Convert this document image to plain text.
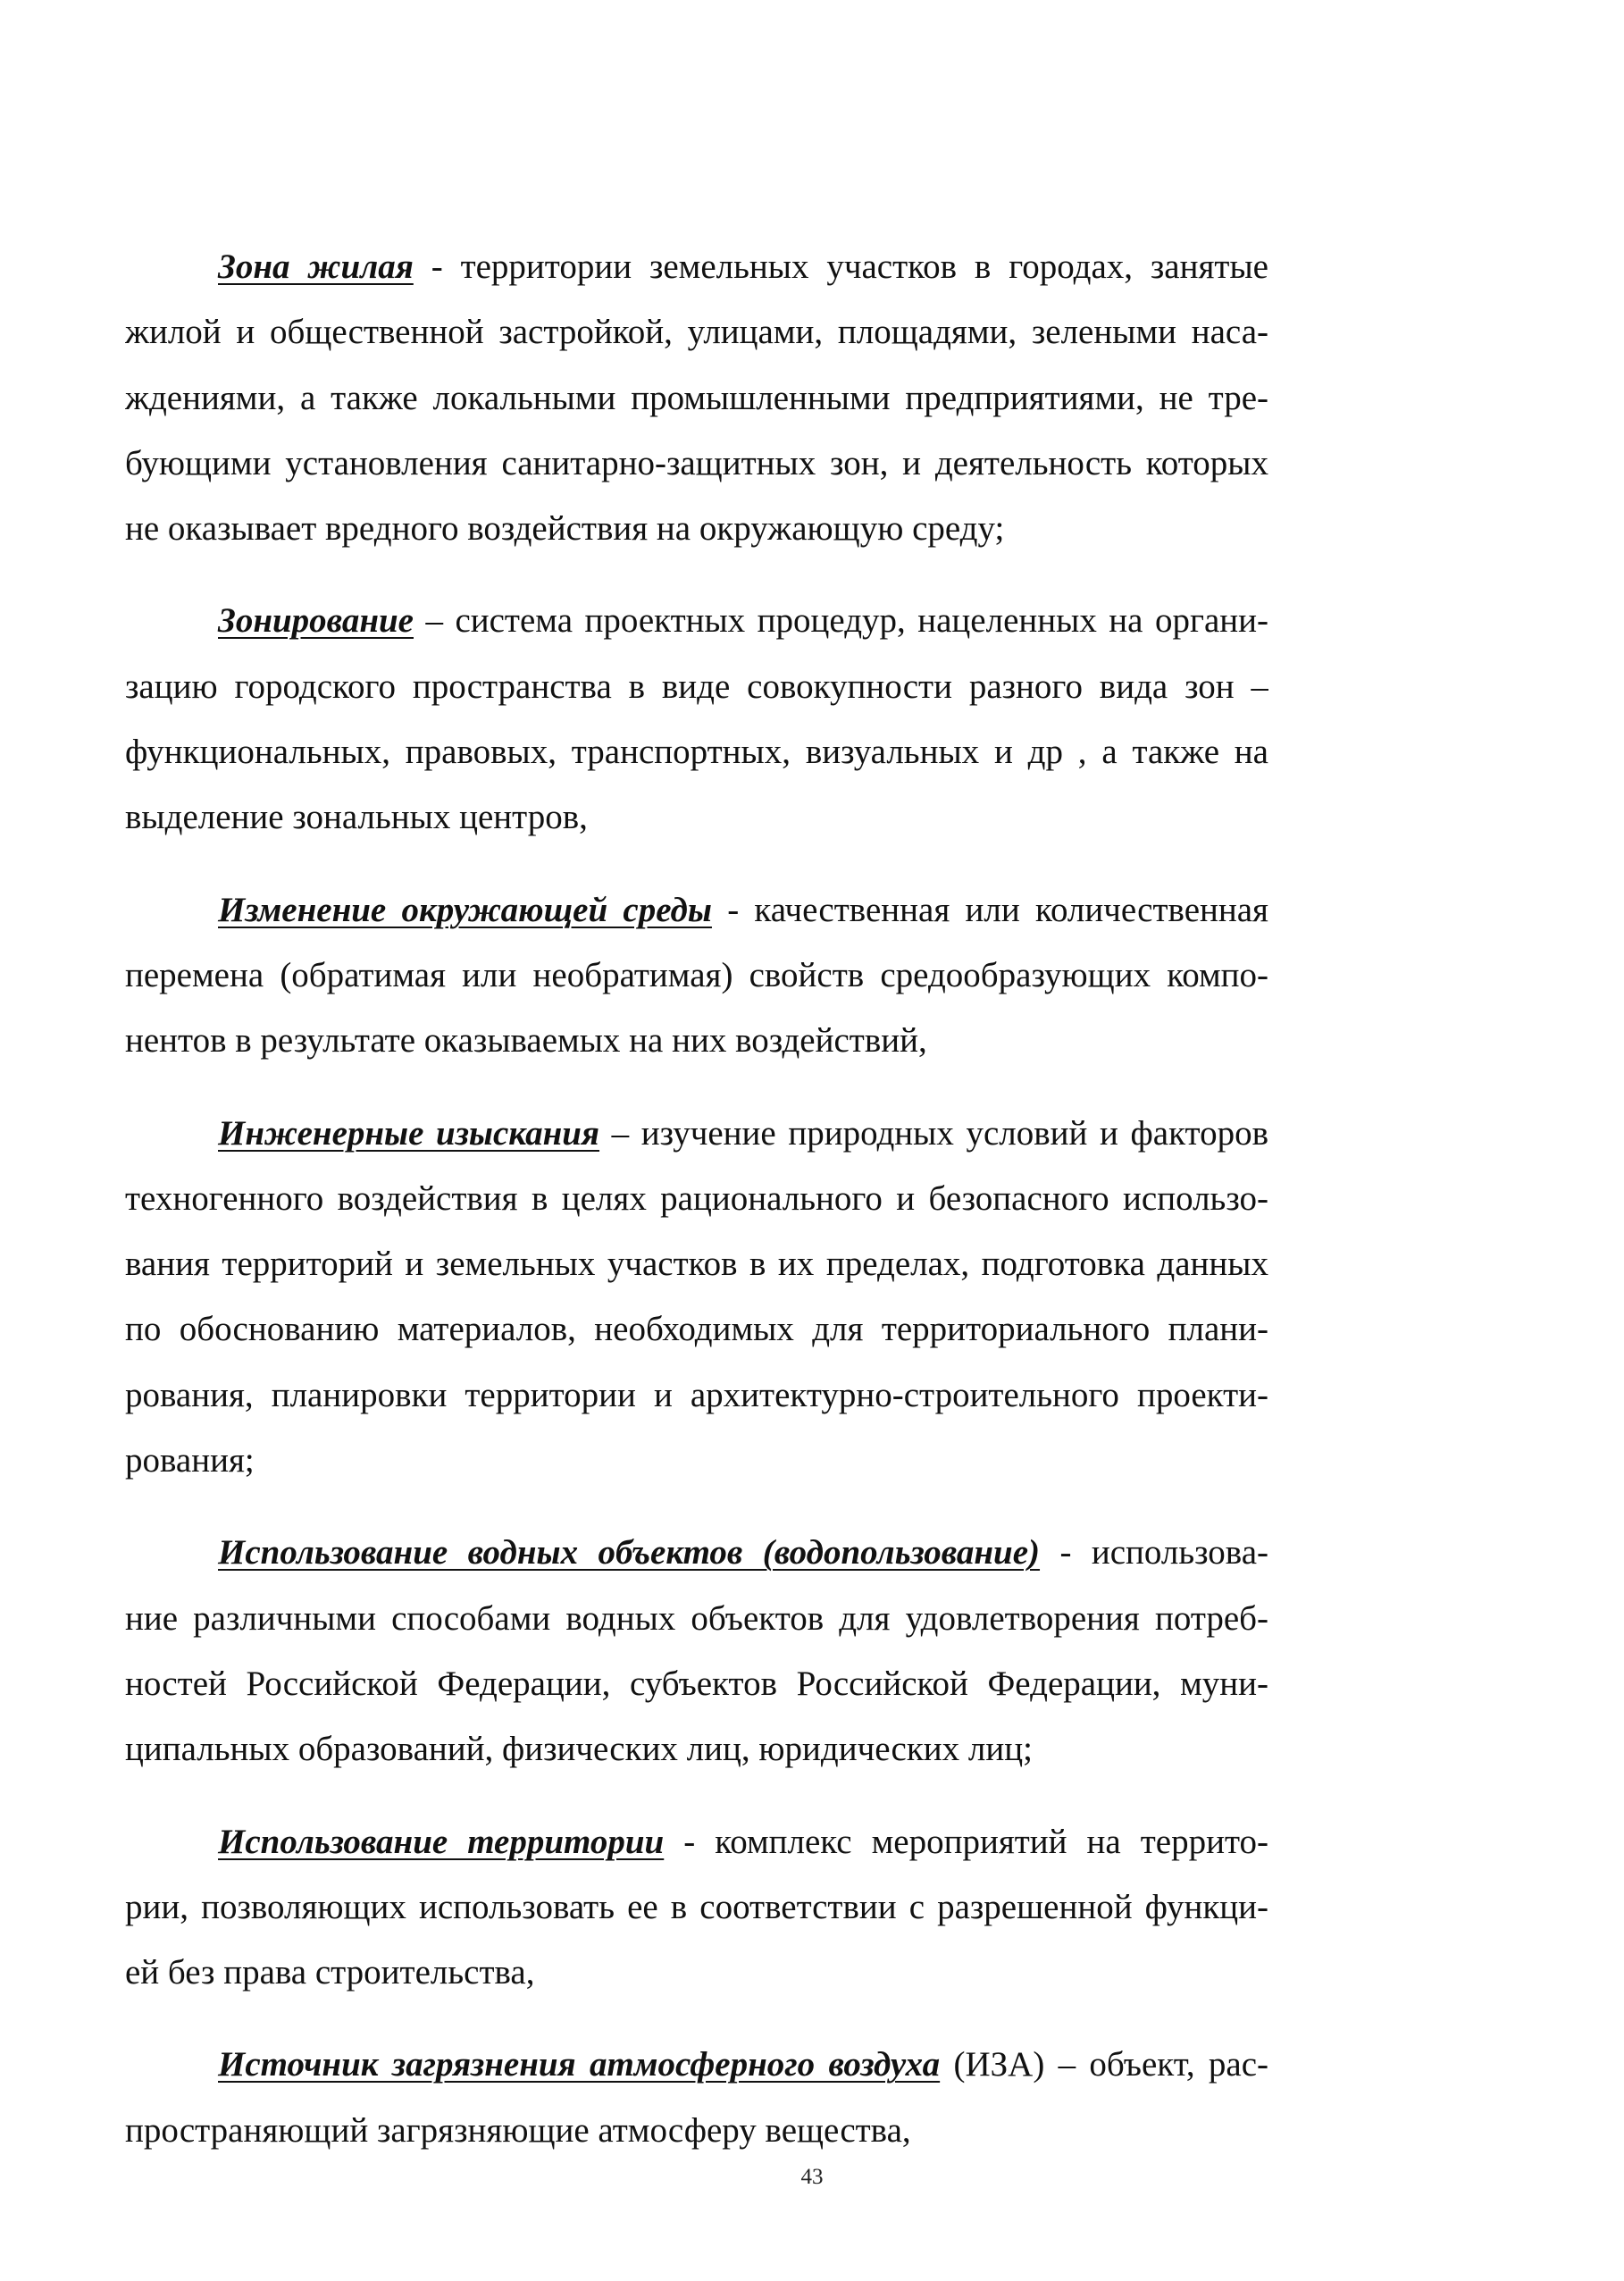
Зона жилая - территории земельных участков в городах, занятые
жилой и общественной застройкой, улицами, площадями, зелеными наса-
ждениями, а также локальными промышленными предприятиями, не тре-
бующими установления санитарно-защитных зон, и деятельность которых
не оказывает вредного воздействия на окружающую среду;
Зонирование – система проектных процедур, нацеленных на органи-
зацию городского пространства в виде совокупности разного вида зон –
функциональных, правовых, транспортных, визуальных и др , а также на
выделение зональных центров,
Изменение окружающей среды - качественная или количественная
перемена (обратимая или необратимая) свойств средообразующих компо-
нентов в результате оказываемых на них воздействий,
Инженерные изыскания – изучение природных условий и факторов
техногенного воздействия в целях рационального и безопасного использо-
вания территорий и земельных участков в их пределах, подготовка данных
по обоснованию материалов, необходимых для территориального плани-
рования, планировки территории и архитектурно-строительного проекти-
рования;
Использование водных объектов (водопользование) - использова-
ние различными способами водных объектов для удовлетворения потреб-
ностей Российской Федерации, субъектов Российской Федерации, муни-
ципальных образований, физических лиц, юридических лиц;
Использование территории - комплекс мероприятий на террито-
рии, позволяющих использовать ее в соответствии с разрешенной функци-
ей без права строительства,
Источник загрязнения атмосферного воздуха (ИЗА) – объект, рас-
пространяющий загрязняющие атмосферу вещества,
43
